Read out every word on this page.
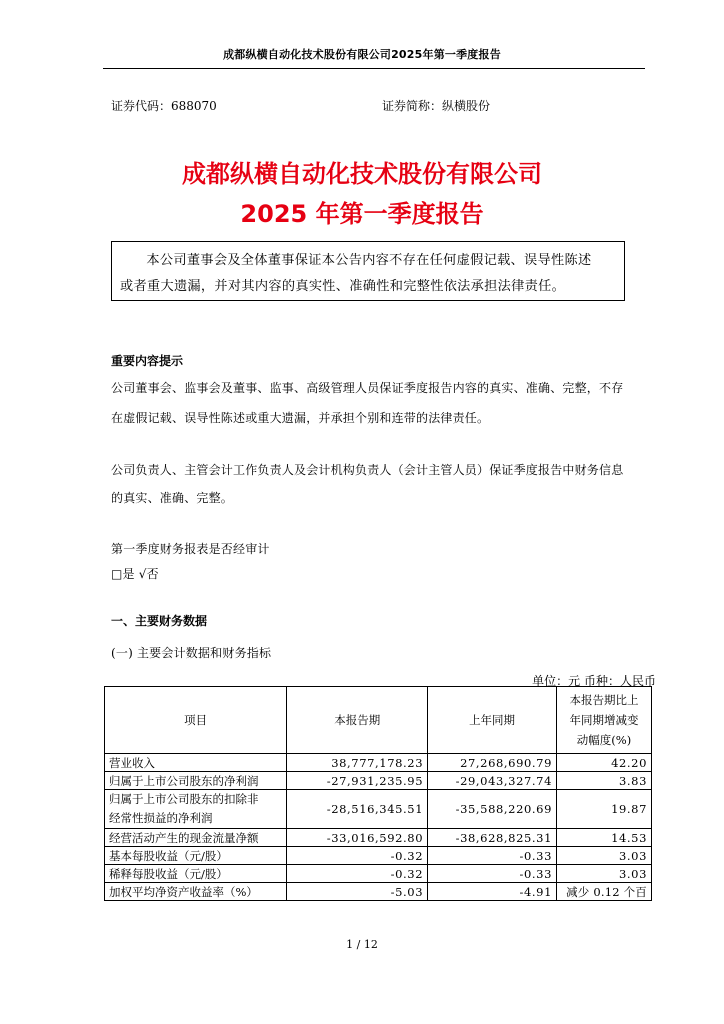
成都纵横自动化技术股份有限公司2025年第一季度报告
证券代码：688070	证券简称：纵横股份
成都纵横自动化技术股份有限公司
2025 年第一季度报告

本公司董事会及全体董事保证本公告内容不存在任何虚假记载、误导性陈述

或者重大遗漏，并对其内容的真实性、准确性和完整性依法承担法律责任。
重要内容提示
公司董事会、监事会及董事、监事、高级管理人员保证季度报告内容的真实、准确、完整，不存
在虚假记载、误导性陈述或重大遗漏，并承担个别和连带的法律责任。
公司负责人、主管会计工作负责人及会计机构负责人（会计主管人员）保证季度报告中财务信息
的真实、准确、完整。
第一季度财务报表是否经审计
□是 √否
一、主要财务数据
(一) 主要会计数据和财务指标
单位：元 币种：人民币
项目	本报告期	上年同期	本报告期比上
年同期增减变
动幅度(%)

营业收入	38,777,178.23	27,268,690.79	42.20
归属于上市公司股东的净利润	-27,931,235.95	-29,043,327.74	3.83

归属于上市公司股东的扣除非
经常性损益的净利润	-28,516,345.51	-35,588,220.69	19.87
经营活动产生的现金流量净额	-33,016,592.80	-38,628,825.31	14.53
基本每股收益（元/股）	-0.32	-0.33	3.03
稀释每股收益（元/股）	-0.32	-0.33	3.03
加权平均净资产收益率（%）	-5.03	-4.91	减少 0.12 个百
1 / 12
